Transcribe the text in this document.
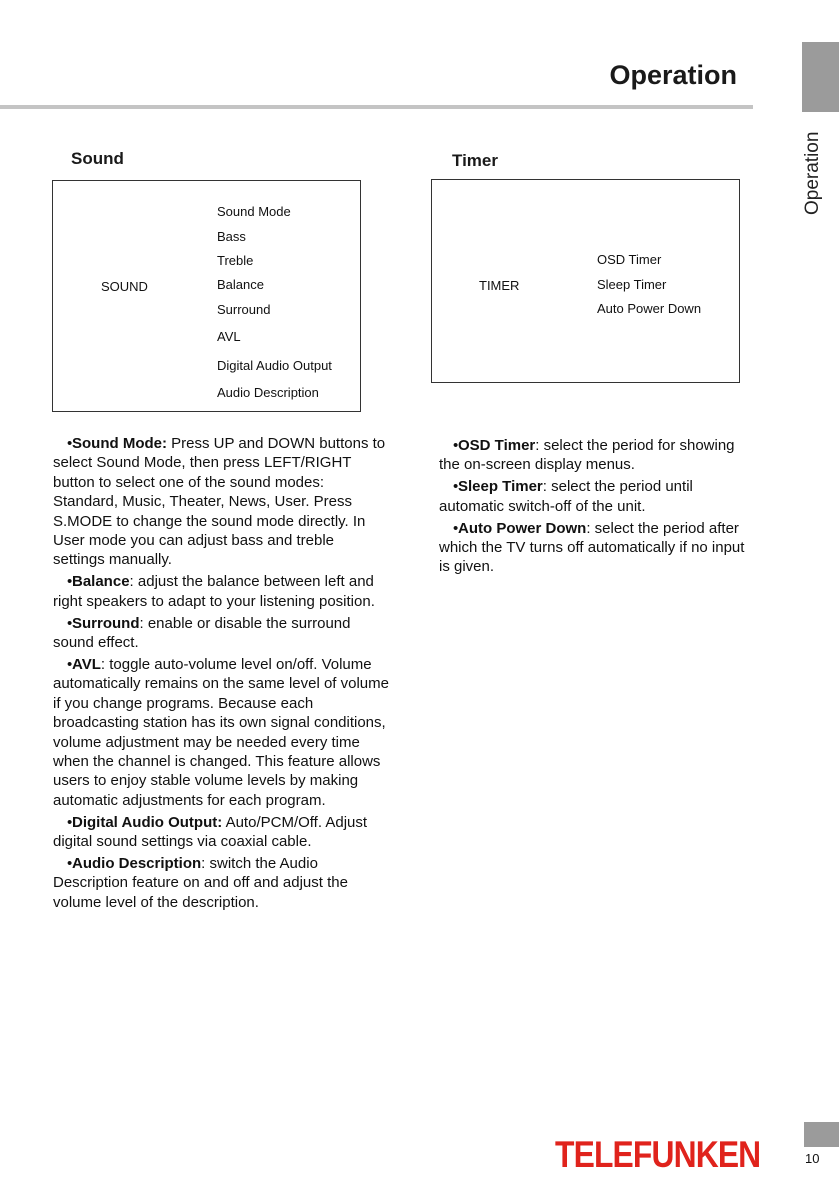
Operation
Operation
Sound
SOUND
Sound Mode
Bass
Treble
Balance
Surround
AVL
Digital Audio Output
Audio Description
Timer
TIMER
OSD Timer
Sleep Timer
Auto Power Down

•Sound Mode: Press UP and DOWN buttons to select Sound Mode, then press LEFT/RIGHT button to select one of the sound modes: Standard, Music, Theater, News, User. Press S.MODE to change the sound mode directly. In User mode you can adjust bass and treble settings manually.

•Balance: adjust the balance between left and right speakers to adapt to your listening position.

•Surround: enable or disable the surround sound effect.

•AVL: toggle auto-volume level on/off. Volume automatically remains on the same level of volume if you change programs. Because each broadcasting station has its own signal conditions, volume adjustment may be needed every time when the channel is changed. This feature allows users to enjoy stable volume levels by making automatic adjustments for each program.

•Digital Audio Output: Auto/PCM/Off. Adjust digital sound settings via coaxial cable.

•Audio Description: switch the Audio Description feature on and off and adjust the volume level of the description.

•OSD Timer: select the period for showing the on-screen display menus.

•Sleep Timer: select the period until automatic switch-off of the unit.

•Auto Power Down: select the period after which the TV turns off automatically if no input is given.

TELEFUNKEN	10
